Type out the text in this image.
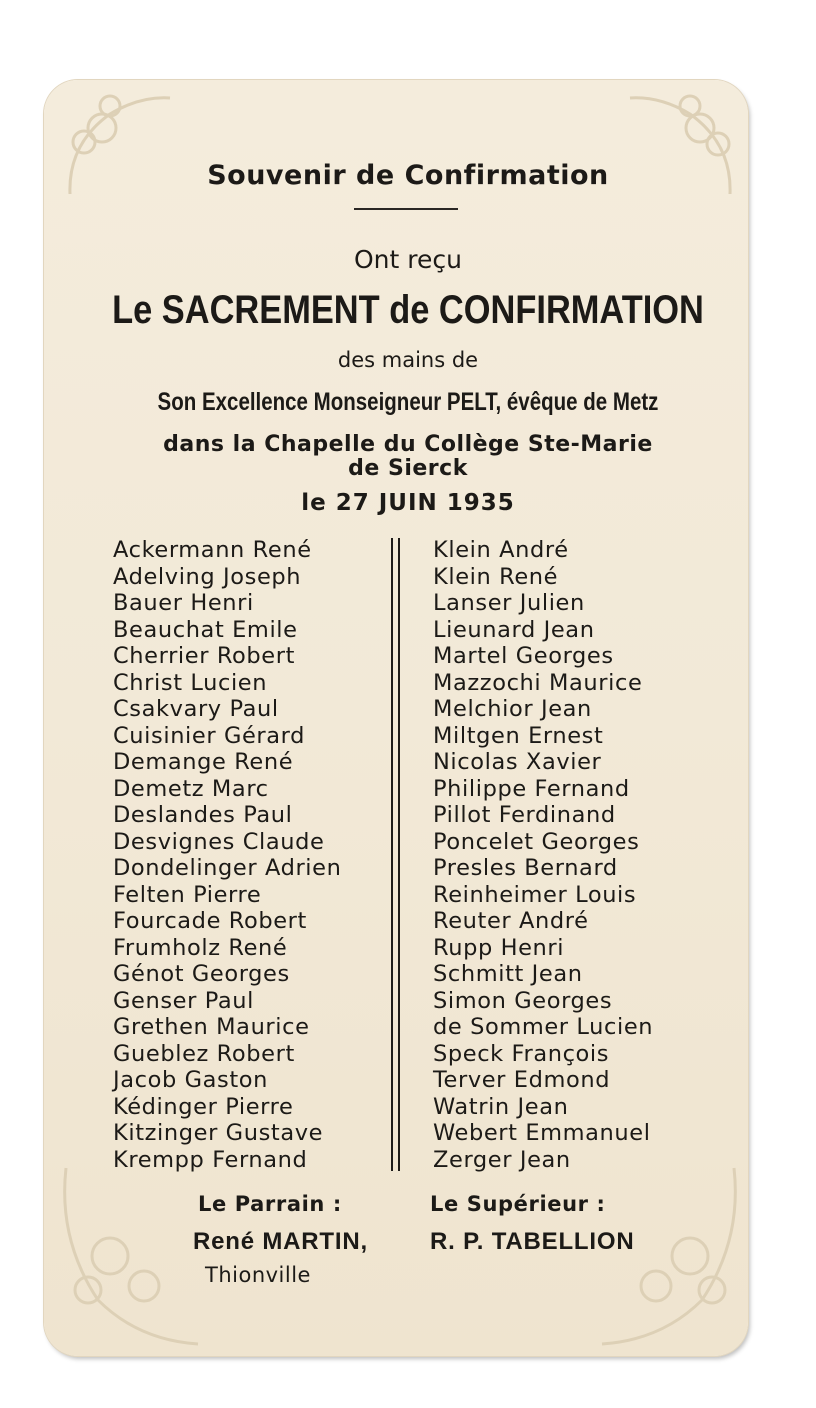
Souvenir de Confirmation

Ont reçu

Le SACREMENT de CONFIRMATION

des mains de

Son Excellence Monseigneur PELT, évêque de Metz

dans la Chapelle du Collège Ste-Marie

de Sierck

le 27 JUIN 1935

Ackermann René
Adelving Joseph
Bauer Henri
Beauchat Emile
Cherrier Robert
Christ Lucien
Csakvary Paul
Cuisinier Gérard
Demange René
Demetz Marc
Deslandes Paul
Desvignes Claude
Dondelinger Adrien
Felten Pierre
Fourcade Robert
Frumholz René
Génot Georges
Genser Paul
Grethen Maurice
Gueblez Robert
Jacob Gaston
Kédinger Pierre
Kitzinger Gustave
Krempp Fernand
Klein André
Klein René
Lanser Julien
Lieunard Jean
Martel Georges
Mazzochi Maurice
Melchior Jean
Miltgen Ernest
Nicolas Xavier
Philippe Fernand
Pillot Ferdinand
Poncelet Georges
Presles Bernard
Reinheimer Louis
Reuter André
Rupp Henri
Schmitt Jean
Simon Georges
de Sommer Lucien
Speck François
Terver Edmond
Watrin Jean
Webert Emmanuel
Zerger Jean

Le Parrain :

René MARTIN,

Thionville

Le Supérieur :

R. P. TABELLION
